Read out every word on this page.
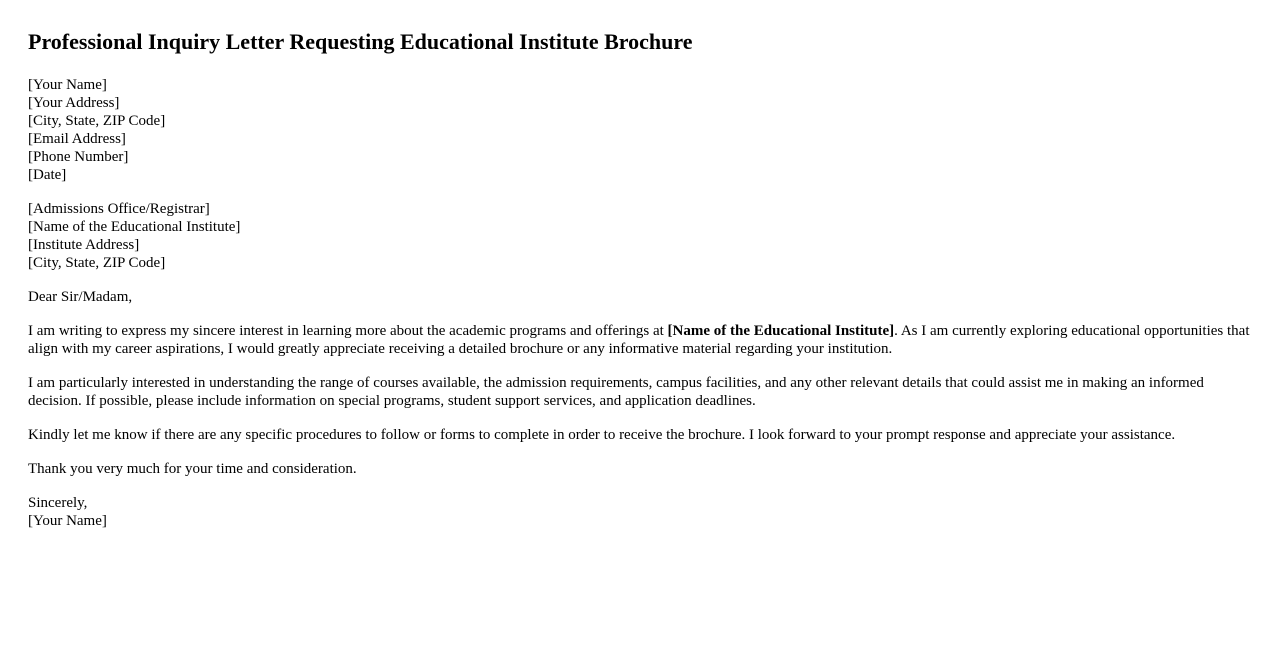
Professional Inquiry Letter Requesting Educational Institute Brochure
[Your Name]
[Your Address]
[City, State, ZIP Code]
[Email Address]
[Phone Number]
[Date]
[Admissions Office/Registrar]
[Name of the Educational Institute]
[Institute Address]
[City, State, ZIP Code]

Dear Sir/Madam,

I am writing to express my sincere interest in learning more about the academic programs and offerings at [Name of the Educational Institute]. As I am currently exploring educational opportunities that align with my career aspirations, I would greatly appreciate receiving a detailed brochure or any informative material regarding your institution.

I am particularly interested in understanding the range of courses available, the admission requirements, campus facilities, and any other relevant details that could assist me in making an informed decision. If possible, please include information on special programs, student support services, and application deadlines.

Kindly let me know if there are any specific procedures to follow or forms to complete in order to receive the brochure. I look forward to your prompt response and appreciate your assistance.

Thank you very much for your time and consideration.

Sincerely,
[Your Name]
